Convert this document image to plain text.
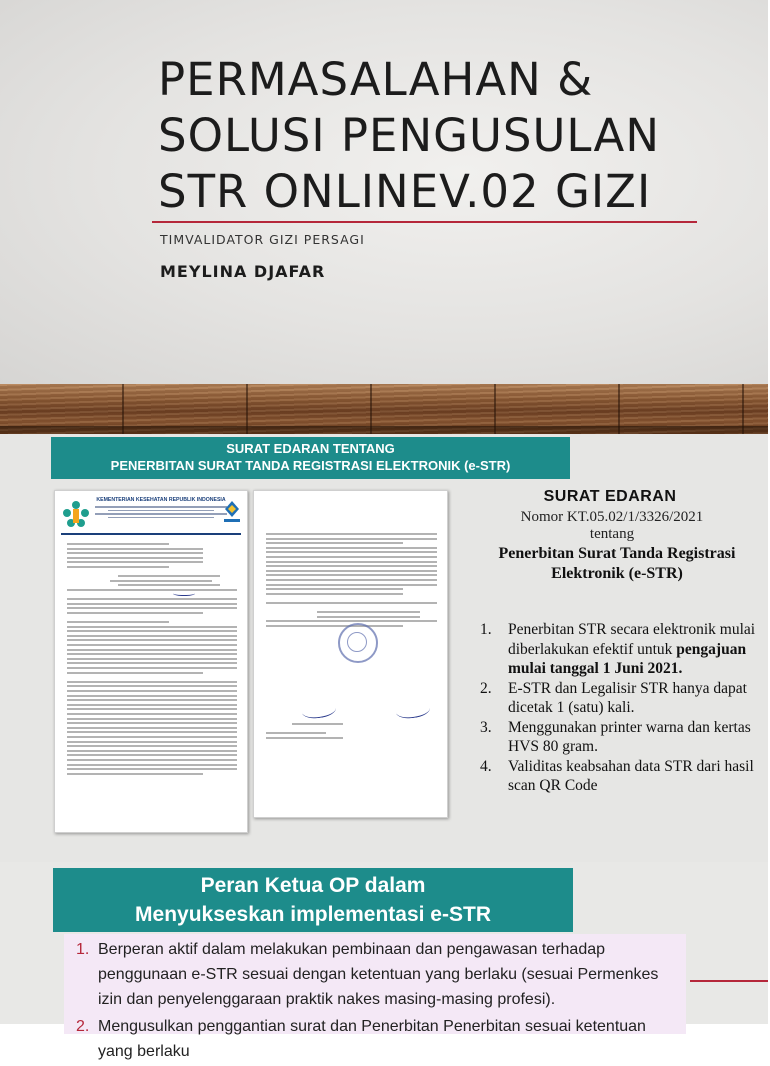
PERMASALAHAN &
SOLUSI PENGUSULAN
STR ONLINEV.02 GIZI
TIMVALIDATOR GIZI PERSAGI
MEYLINA DJAFAR
SURAT EDARAN TENTANG
PENERBITAN SURAT TANDA REGISTRASI ELEKTRONIK (e-STR)
KEMENTERIAN KESEHATAN REPUBLIK INDONESIA	SURAT EDARAN
Nomor KT.05.02/1/3326/2021
tentang
Penerbitan Surat Tanda Registrasi Elektronik (e-STR)
1. Penerbitan STR secara elektronik mulai diberlakukan efektif untuk pengajuan mulai tanggal 1 Juni 2021.
2. E-STR dan Legalisir STR hanya dapat dicetak 1 (satu) kali.
3. Menggunakan printer warna dan kertas HVS 80 gram.
4. Validitas keabsahan data STR dari hasil scan QR Code
Peran Ketua OP dalam
Menyukseskan implementasi e-STR
1. Berperan aktif dalam melakukan pembinaan dan pengawasan terhadap penggunaan e-STR sesuai dengan ketentuan yang berlaku (sesuai Permenkes izin dan penyelenggaraan praktik nakes masing-masing profesi).
2. Mengusulkan penggantian surat dan Penerbitan Penerbitan sesuai ketentuan yang berlaku
